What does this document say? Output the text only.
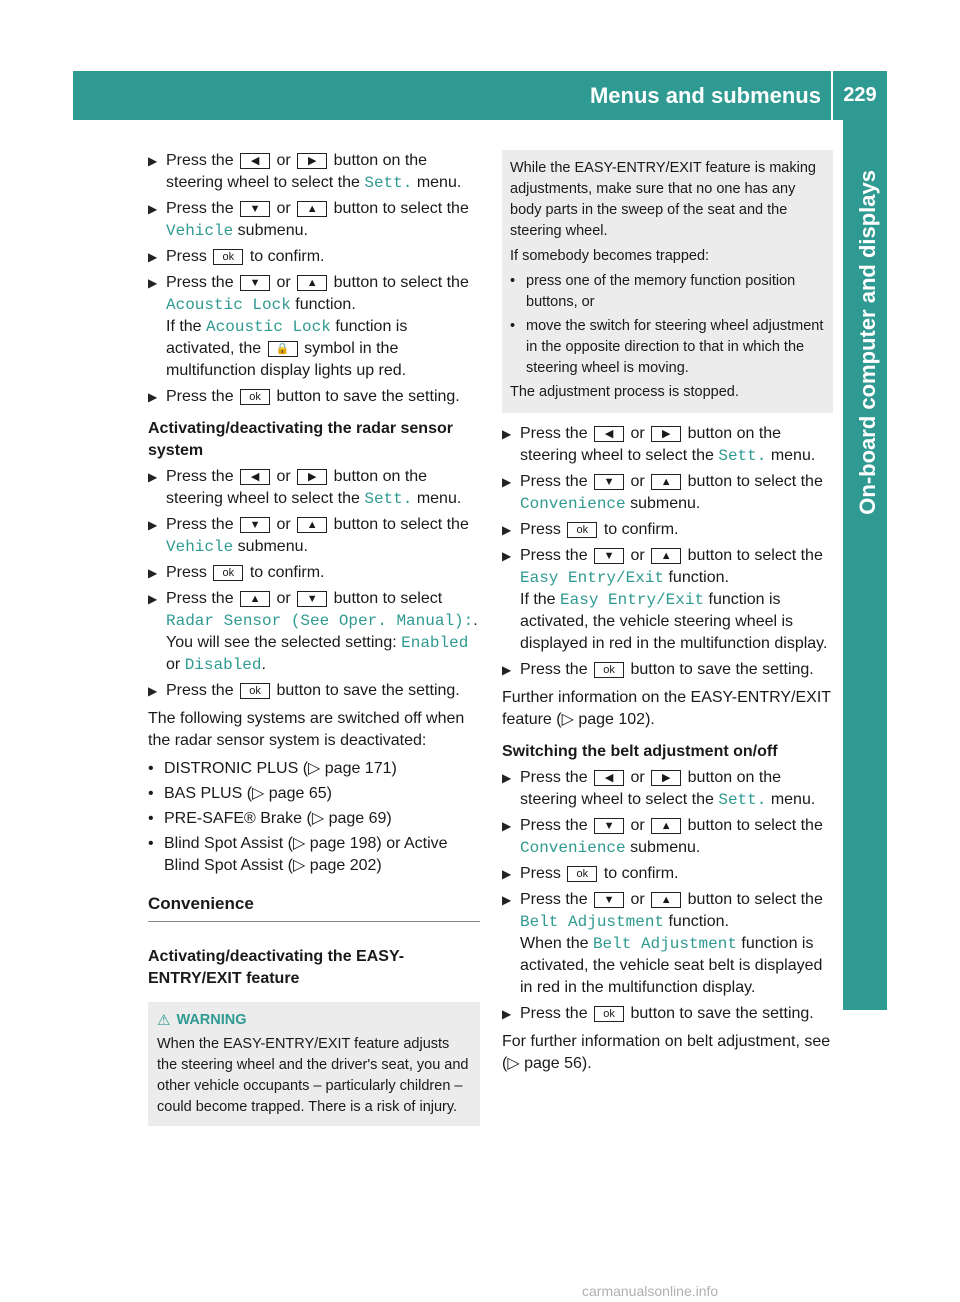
Menus and submenus	229
On-board computer and displays
▶ Press the ◀ or ▶ button on the steering wheel to select the Sett. menu.
▶ Press the ▼ or ▲ button to select the Vehicle submenu.
▶ Press ok to confirm.
▶ Press the ▼ or ▲ button to select the Acoustic Lock function.
If the Acoustic Lock function is activated, the 🔒 symbol in the multifunction display lights up red.
▶ Press the ok button to save the setting.
Activating/deactivating the radar sensor system
▶ Press the ◀ or ▶ button on the steering wheel to select the Sett. menu.
▶ Press the ▼ or ▲ button to select the Vehicle submenu.
▶ Press ok to confirm.
▶ Press the ▲ or ▼ button to select Radar Sensor (See Oper. Manual):.
You will see the selected setting: Enabled or Disabled.
▶ Press the ok button to save the setting.

The following systems are switched off when the radar sensor system is deactivated:

• DISTRONIC PLUS (▷ page 171)
• BAS PLUS (▷ page 65)
• PRE-SAFE® Brake (▷ page 69)
• Blind Spot Assist (▷ page 198) or Active Blind Spot Assist (▷ page 202)
Convenience
Activating/deactivating the EASY-ENTRY/EXIT feature
⚠ WARNING
When the EASY-ENTRY/EXIT feature adjusts the steering wheel and the driver's seat, you and other vehicle occupants – particularly children – could become trapped. There is a risk of injury.

While the EASY-ENTRY/EXIT feature is making adjustments, make sure that no one has any body parts in the sweep of the seat and the steering wheel.

If somebody becomes trapped:

• press one of the memory function position buttons, or
• move the switch for steering wheel adjustment in the opposite direction to that in which the steering wheel is moving.

The adjustment process is stopped.

▶ Press the ◀ or ▶ button on the steering wheel to select the Sett. menu.
▶ Press the ▼ or ▲ button to select the Convenience submenu.
▶ Press ok to confirm.
▶ Press the ▼ or ▲ button to select the Easy Entry/Exit function.
If the Easy Entry/Exit function is activated, the vehicle steering wheel is displayed in red in the multifunction display.
▶ Press the ok button to save the setting.

Further information on the EASY-ENTRY/EXIT feature (▷ page 102).

Switching the belt adjustment on/off
▶ Press the ◀ or ▶ button on the steering wheel to select the Sett. menu.
▶ Press the ▼ or ▲ button to select the Convenience submenu.
▶ Press ok to confirm.
▶ Press the ▼ or ▲ button to select the Belt Adjustment function.
When the Belt Adjustment function is activated, the vehicle seat belt is displayed in red in the multifunction display.
▶ Press the ok button to save the setting.

For further information on belt adjustment, see (▷ page 56).

carmanualsonline.info
